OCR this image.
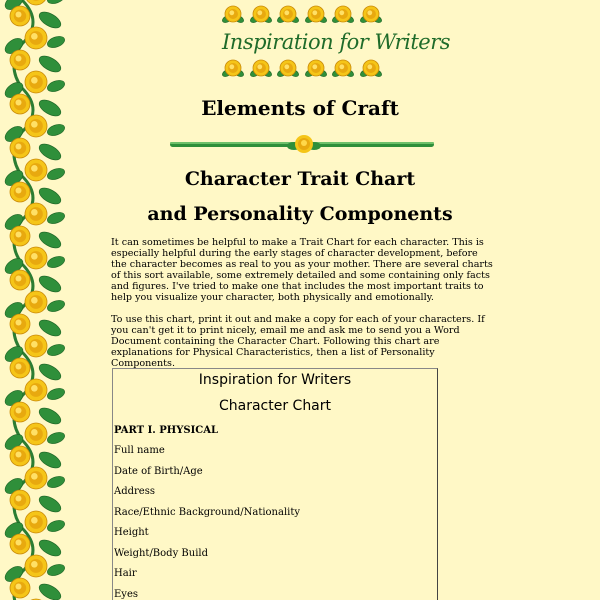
Inspiration for Writers
Elements of Craft
Character Trait Chart
and Personality Components

It can sometimes be helpful to make a Trait Chart for each character. This is especially helpful during the early stages of character development, before the character becomes as real to you as your mother. There are several charts of this sort available, some extremely detailed and some containing only facts and figures. I've tried to make one that includes the most important traits to help you visualize your character, both physically and emotionally.

To use this chart, print it out and make a copy for each of your characters. If you can't get it to print nicely, email me and ask me to send you a Word Document containing the Character Chart. Following this chart are explanations for Physical Characteristics, then a list of Personality Components.

Inspiration for Writers
Character Chart
PART I. PHYSICAL
Full name
Date of Birth/Age
Address
Race/Ethnic Background/Nationality
Height
Weight/Body Build
Hair
Eyes
